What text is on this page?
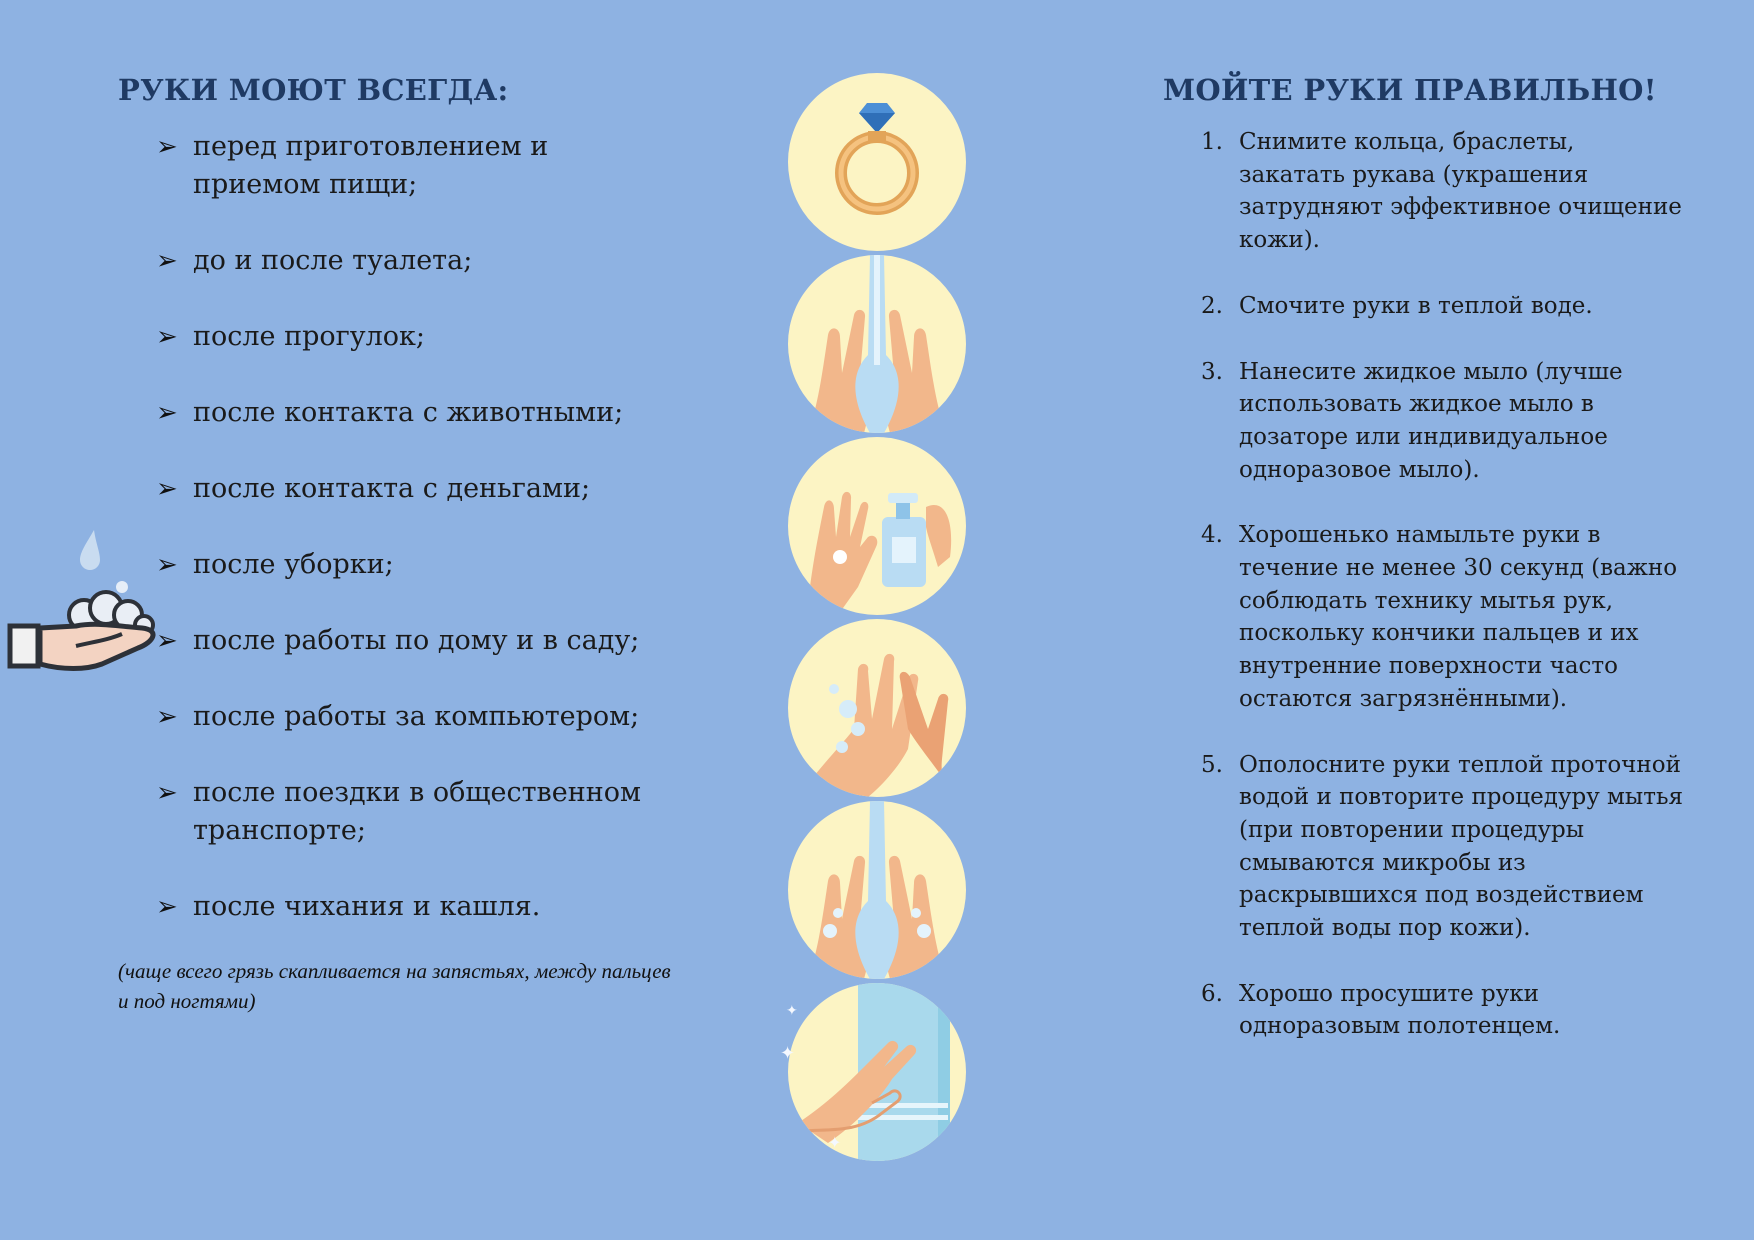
РУКИ МОЮТ ВСЕГДА:
➢ перед приготовлением и приемом пищи;
➢ до и после туалета;
➢ после прогулок;
➢ после контакта с животными;
➢ после контакта с деньгами;
➢ после уборки;
➢ после работы по дому и в саду;
➢ после работы за компьютером;
➢ после поездки в общественном транспорте;
➢ после чихания и кашля.
(чаще всего грязь скапливается на запястьях, между пальцев и под ногтями)	✦
✦
✦
МОЙТЕ РУКИ ПРАВИЛЬНО!
1. Снимите кольца, браслеты, закатать рукава (украшения затрудняют эффективное очищение кожи).
2. Смочите руки в теплой воде.
3. Нанесите жидкое мыло (лучше использовать жидкое мыло в дозаторе или индивидуальное одноразовое мыло).
4. Хорошенько намыльте руки в течение не менее 30 секунд (важно соблюдать технику мытья рук, поскольку кончики пальцев и их внутренние поверхности часто остаются загрязнёнными).
5. Ополосните руки теплой проточной водой и повторите процедуру мытья (при повторении процедуры смываются микробы из раскрывшихся под воздействием теплой воды пор кожи).
6. Хорошо просушите руки одноразовым полотенцем.
